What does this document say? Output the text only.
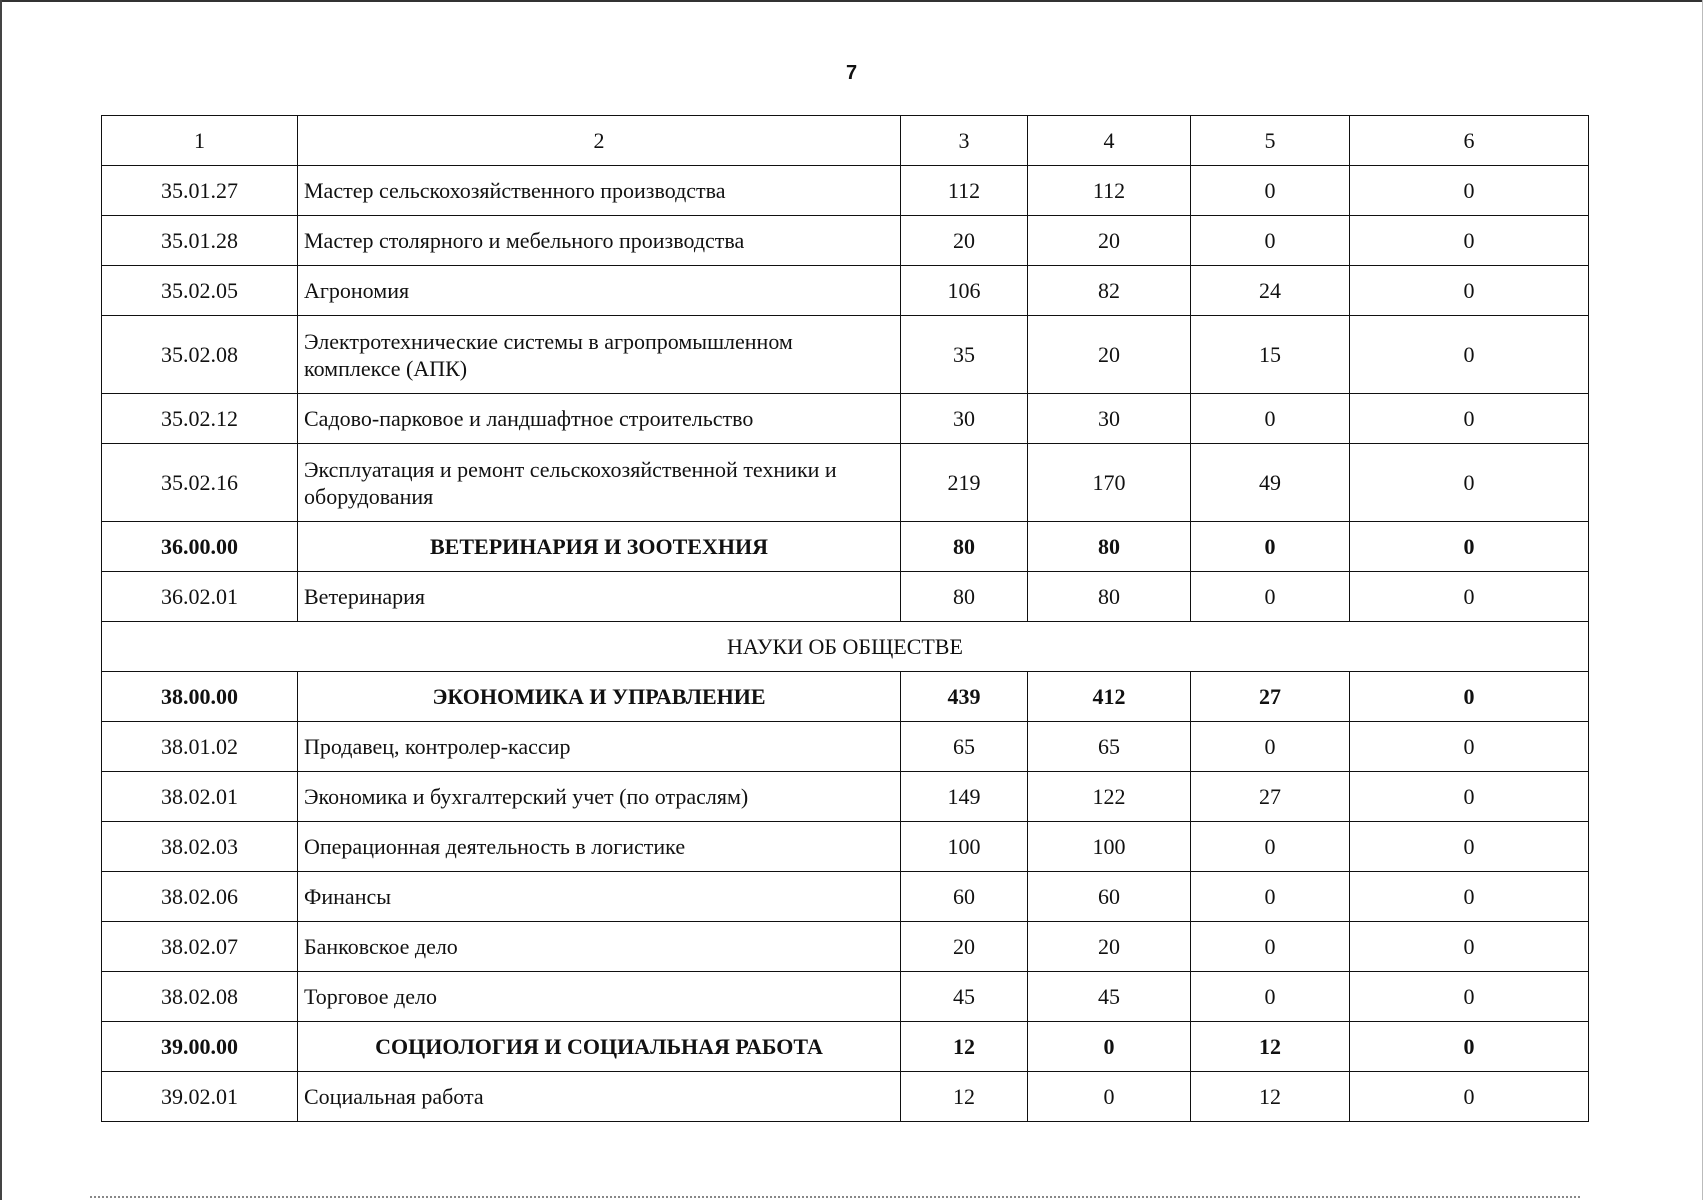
7
1	2	3	4	5	6
35.01.27	Мастер сельскохозяйственного производства	112	112	0	0
35.01.28	Мастер столярного и мебельного производства	20	20	0	0
35.02.05	Агрономия	106	82	24	0
35.02.08	Электротехнические системы в агропромышленном комплексе (АПК)	35	20	15	0
35.02.12	Садово-парковое и ландшафтное строительство	30	30	0	0
35.02.16	Эксплуатация и ремонт сельскохозяйственной техники и оборудования	219	170	49	0
36.00.00	ВЕТЕРИНАРИЯ И ЗООТЕХНИЯ	80	80	0	0
36.02.01	Ветеринария	80	80	0	0
НАУКИ ОБ ОБЩЕСТВЕ					
38.00.00	ЭКОНОМИКА И УПРАВЛЕНИЕ	439	412	27	0
38.01.02	Продавец, контролер-кассир	65	65	0	0
38.02.01	Экономика и бухгалтерский учет (по отраслям)	149	122	27	0
38.02.03	Операционная деятельность в логистике	100	100	0	0
38.02.06	Финансы	60	60	0	0
38.02.07	Банковское дело	20	20	0	0
38.02.08	Торговое дело	45	45	0	0
39.00.00	СОЦИОЛОГИЯ И СОЦИАЛЬНАЯ РАБОТА	12	0	12	0
39.02.01	Социальная работа	12	0	12	0
